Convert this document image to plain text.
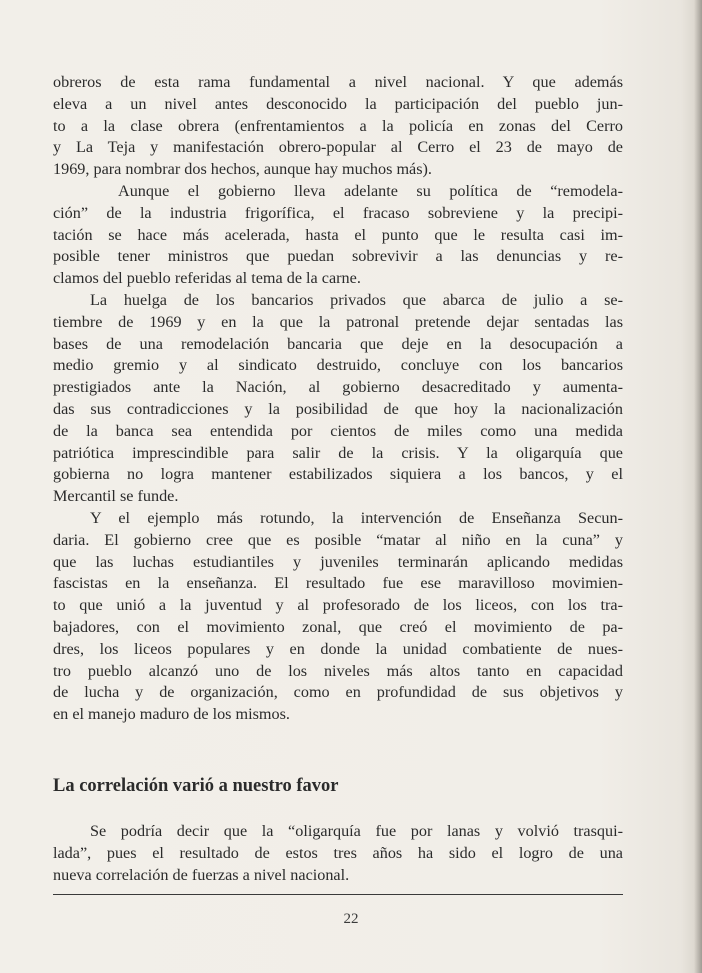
obreros de esta rama fundamental a nivel nacional. Y que además
eleva a un nivel antes desconocido la participación del pueblo jun-
to a la clase obrera (enfrentamientos a la policía en zonas del Cerro
y La Teja y manifestación obrero-popular al Cerro el 23 de mayo de
1969, para nombrar dos hechos, aunque hay muchos más).
Aunque el gobierno lleva adelante su política de “remodela-
ción” de la industria frigorífica, el fracaso sobreviene y la precipi-
tación se hace más acelerada, hasta el punto que le resulta casi im-
posible tener ministros que puedan sobrevivir a las denuncias y re-
clamos del pueblo referidas al tema de la carne.
La huelga de los bancarios privados que abarca de julio a se-
tiembre de 1969 y en la que la patronal pretende dejar sentadas las
bases de una remodelación bancaria que deje en la desocupación a
medio gremio y al sindicato destruido, concluye con los bancarios
prestigiados ante la Nación, al gobierno desacreditado y aumenta-
das sus contradicciones y la posibilidad de que hoy la nacionalización
de la banca sea entendida por cientos de miles como una medida
patriótica imprescindible para salir de la crisis. Y la oligarquía que
gobierna no logra mantener estabilizados siquiera a los bancos, y el
Mercantil se funde.
Y el ejemplo más rotundo, la intervención de Enseñanza Secun-
daria. El gobierno cree que es posible “matar al niño en la cuna” y
que las luchas estudiantiles y juveniles terminarán aplicando medidas
fascistas en la enseñanza. El resultado fue ese maravilloso movimien-
to que unió a la juventud y al profesorado de los liceos, con los tra-
bajadores, con el movimiento zonal, que creó el movimiento de pa-
dres, los liceos populares y en donde la unidad combatiente de nues-
tro pueblo alcanzó uno de los niveles más altos tanto en capacidad
de lucha y de organización, como en profundidad de sus objetivos y
en el manejo maduro de los mismos.
La correlación varió a nuestro favor
Se podría decir que la “oligarquía fue por lanas y volvió trasqui-
lada”, pues el resultado de estos tres años ha sido el logro de una
nueva correlación de fuerzas a nivel nacional.
22
